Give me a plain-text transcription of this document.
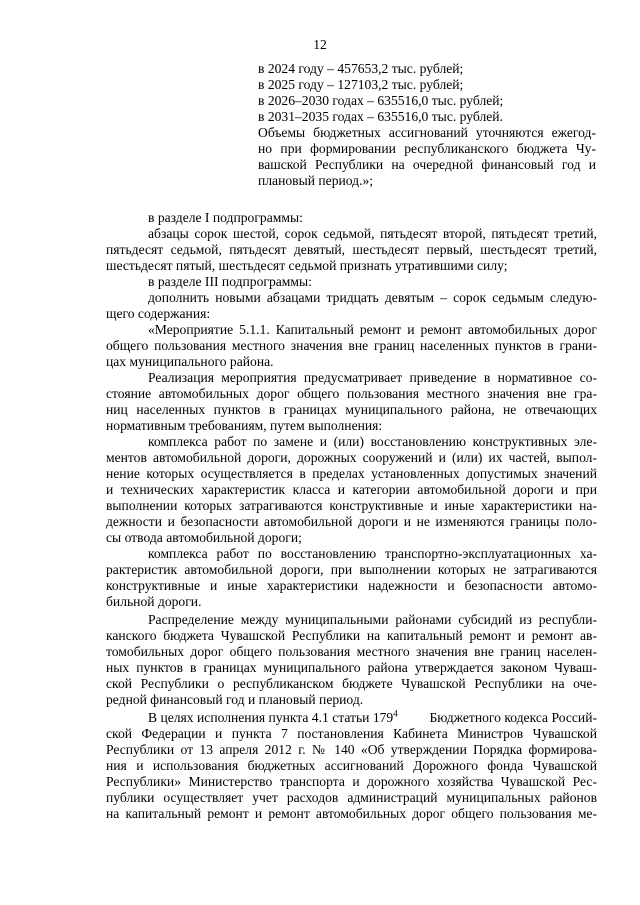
12
в 2024 году – 457653,2 тыс. рублей;
в 2025 году – 127103,2 тыс. рублей;
в 2026–2030 годах – 635516,0 тыс. рублей;
в 2031–2035 годах – 635516,0 тыс. рублей.
Объемы бюджетных ассигнований уточняются ежегод-
но при формировании республиканского бюджета Чу-
вашской Республики на очередной финансовый год и
плановый период.»;
в разделе I подпрограммы:
абзацы сорок шестой, сорок седьмой, пятьдесят второй, пятьдесят третий,
пятьдесят седьмой, пятьдесят девятый, шестьдесят первый, шестьдесят третий,
шестьдесят пятый, шестьдесят седьмой признать утратившими силу;
в разделе III подпрограммы:
дополнить новыми абзацами тридцать девятым – сорок седьмым следую-
щего содержания:
«Мероприятие 5.1.1. Капитальный ремонт и ремонт автомобильных дорог
общего пользования местного значения вне границ населенных пунктов в грани-
цах муниципального района.
Реализация мероприятия предусматривает приведение в нормативное со-
стояние автомобильных дорог общего пользования местного значения вне гра-
ниц населенных пунктов в границах муниципального района, не отвечающих
нормативным требованиям, путем выполнения:
комплекса работ по замене и (или) восстановлению конструктивных эле-
ментов автомобильной дороги, дорожных сооружений и (или) их частей, выпол-
нение которых осуществляется в пределах установленных допустимых значений
и технических характеристик класса и категории автомобильной дороги и при
выполнении которых затрагиваются конструктивные и иные характеристики на-
дежности и безопасности автомобильной дороги и не изменяются границы поло-
сы отвода автомобильной дороги;
комплекса работ по восстановлению транспортно-эксплуатационных ха-
рактеристик автомобильной дороги, при выполнении которых не затрагиваются
конструктивные и иные характеристики надежности и безопасности автомо-
бильной дороги.
Распределение между муниципальными районами субсидий из республи-
канского бюджета Чувашской Республики на капитальный ремонт и ремонт ав-
томобильных дорог общего пользования местного значения вне границ населен-
ных пунктов в границах муниципального района утверждается законом Чуваш-
ской Республики о республиканском бюджете Чувашской Республики на оче-
редной финансовый год и плановый период.
В целях исполнения пункта 4.1 статьи $179^4$ Бюджетного кодекса Россий-
ской Федерации и пункта 7 постановления Кабинета Министров Чувашской
Республики от 13 апреля 2012 г. № 140 «Об утверждении Порядка формирова-
ния и использования бюджетных ассигнований Дорожного фонда Чувашской
Республики» Министерство транспорта и дорожного хозяйства Чувашской Рес-
публики осуществляет учет расходов администраций муниципальных районов
на капитальный ремонт и ремонт автомобильных дорог общего пользования ме-
